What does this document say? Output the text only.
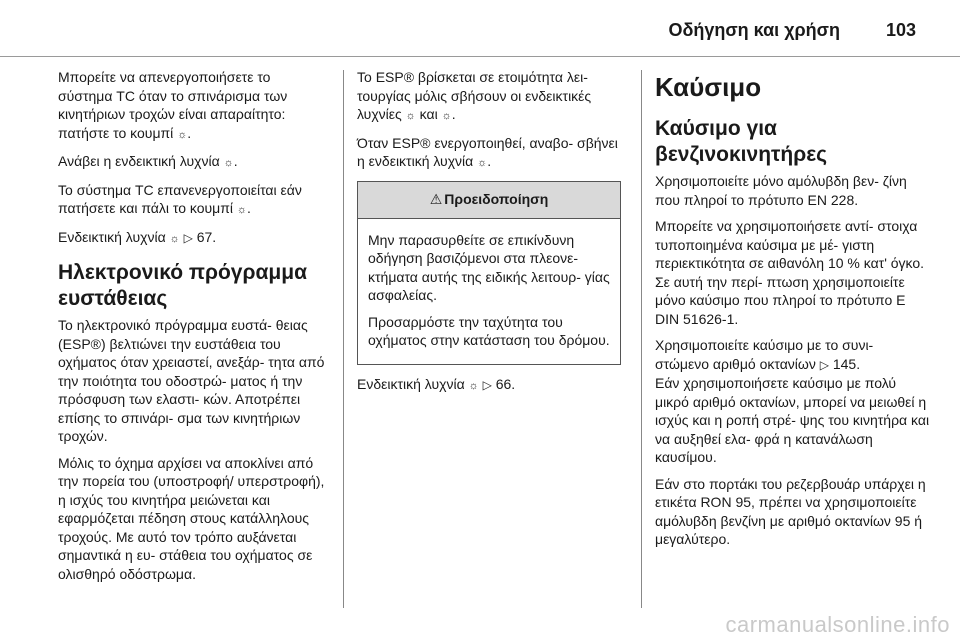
Οδήγηση και χρήση	103

Μπορείτε να απενεργοποιήσετε το σύστημα TC όταν το σπινάρισμα των κινητήριων τροχών είναι απαραίτητο: πατήστε το κουμπί ☼.

Ανάβει η ενδεικτική λυχνία ☼.

Το σύστημα TC επανενεργοποιείται εάν πατήσετε και πάλι το κουμπί ☼.

Ενδεικτική λυχνία ☼ ▷ 67.

Ηλεκτρονικό πρόγραμμα ευστάθειας

Το ηλεκτρονικό πρόγραμμα ευστά- θειας (ESP®) βελτιώνει την ευστάθεια του οχήματος όταν χρειαστεί, ανεξάρ- τητα από την ποιότητα του οδοστρώ- ματος ή την πρόσφυση των ελαστι- κών. Αποτρέπει επίσης το σπινάρι- σμα των κινητήριων τροχών.

Μόλις το όχημα αρχίσει να αποκλίνει από την πορεία του (υποστροφή/ υπερστροφή), η ισχύς του κινητήρα μειώνεται και εφαρμόζεται πέδηση στους κατάλληλους τροχούς. Με αυτό τον τρόπο αυξάνεται σημαντικά η ευ- στάθεια του οχήματος σε ολισθηρό οδόστρωμα.

Το ESP® βρίσκεται σε ετοιμότητα λει- τουργίας μόλις σβήσουν οι ενδεικτικές λυχνίες ☼ και ☼.

Όταν ESP® ενεργοποιηθεί, αναβο- σβήνει η ενδεικτική λυχνία ☼.

⚠ Προειδοποίηση

Μην παρασυρθείτε σε επικίνδυνη οδήγηση βασιζόμενοι στα πλεονε- κτήματα αυτής της ειδικής λειτουρ- γίας ασφαλείας.

Προσαρμόστε την ταχύτητα του οχήματος στην κατάσταση του δρόμου.

Ενδεικτική λυχνία ☼ ▷ 66.

Καύσιμο
Καύσιμο για βενζινοκινητήρες

Χρησιμοποιείτε μόνο αμόλυβδη βεν- ζίνη που πληροί το πρότυπο EN 228.

Μπορείτε να χρησιμοποιήσετε αντί- στοιχα τυποποιημένα καύσιμα με μέ- γιστη περιεκτικότητα σε αιθανόλη 10 % κατ' όγκο. Σε αυτή την περί- πτωση χρησιμοποιείτε μόνο καύσιμο που πληροί το πρότυπο E DIN 51626-1.

Χρησιμοποιείτε καύσιμο με το συνι- στώμενο αριθμό οκτανίων ▷ 145.
Εάν χρησιμοποιήσετε καύσιμο με πολύ μικρό αριθμό οκτανίων, μπορεί να μειωθεί η ισχύς και η ροπή στρέ- ψης του κινητήρα και να αυξηθεί ελα- φρά η κατανάλωση καυσίμου.

Εάν στο πορτάκι του ρεζερβουάρ υπάρχει η ετικέτα RON 95, πρέπει να χρησιμοποιείτε αμόλυβδη βενζίνη με αριθμό οκτανίων 95 ή μεγαλύτερο.

carmanualsonline.info
